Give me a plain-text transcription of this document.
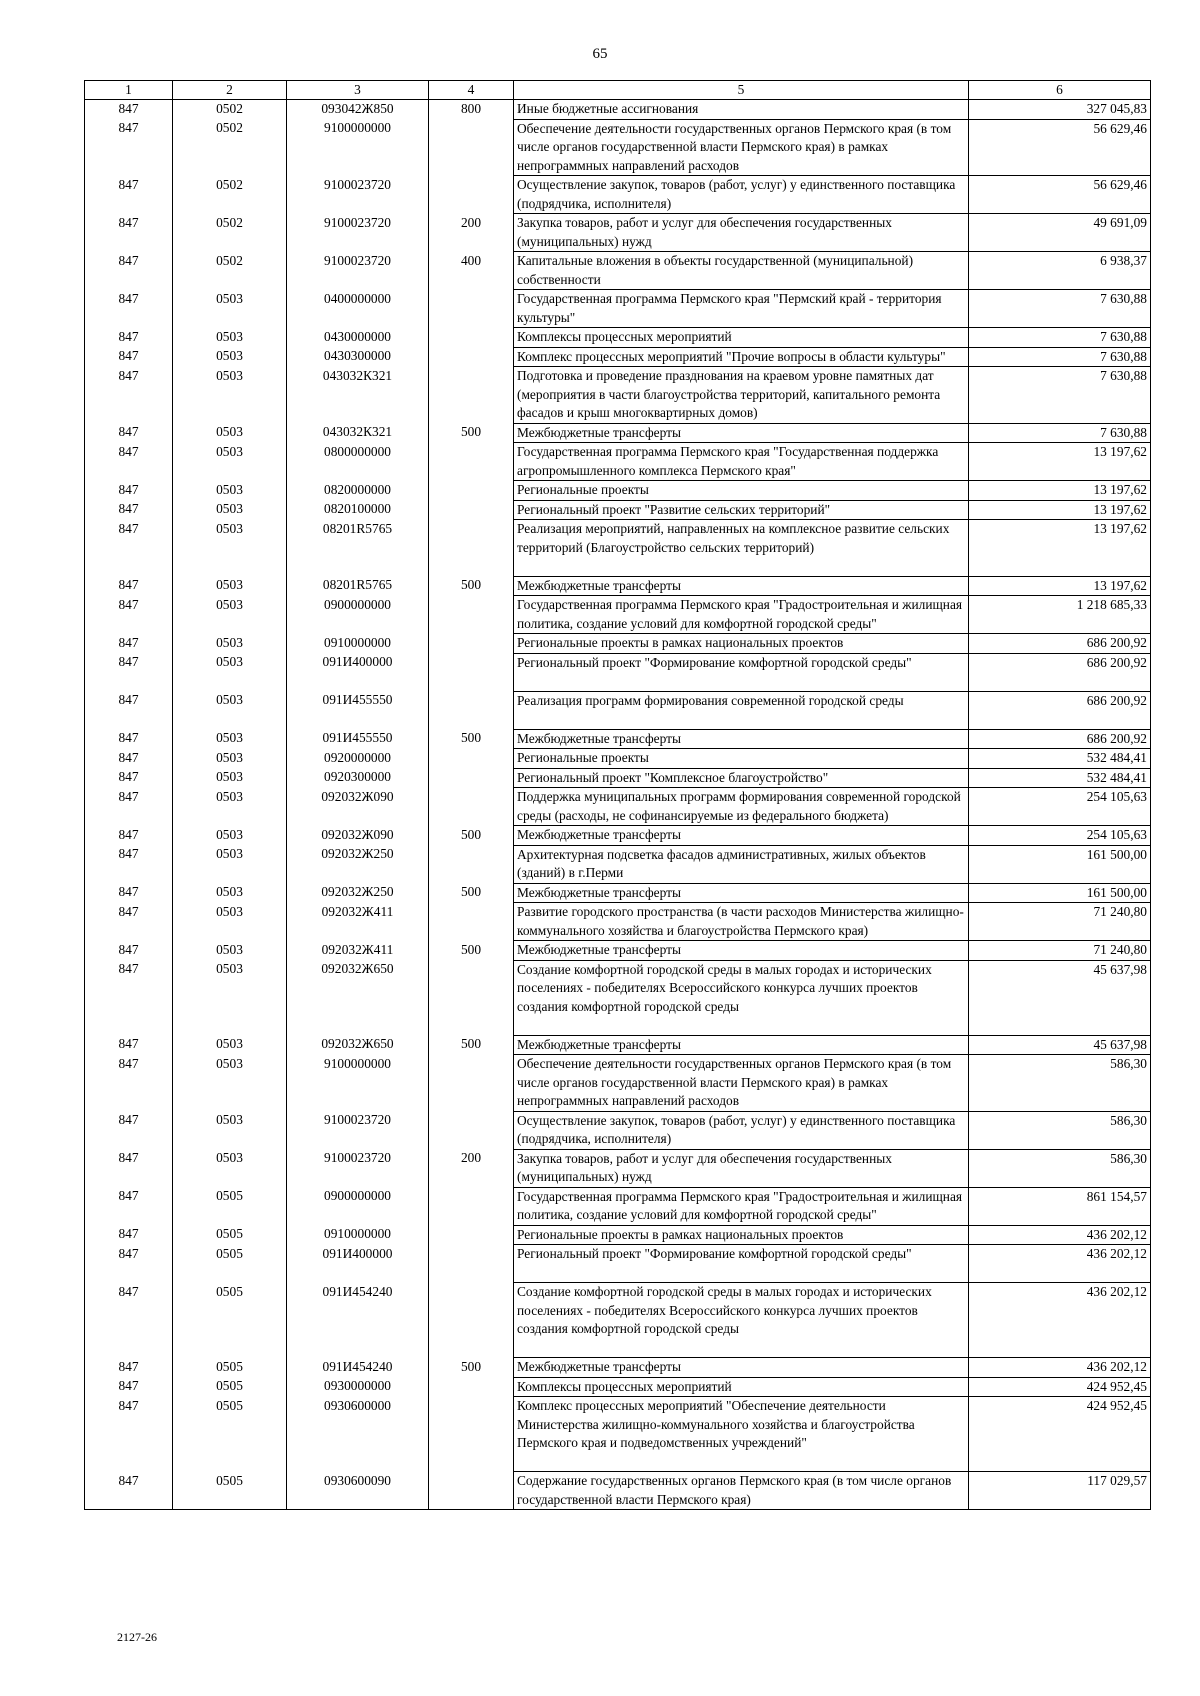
65
1	2	3	4	5	6
847	0502	093042Ж850	800	Иные бюджетные ассигнования	327 045,83
847	0502	9100000000		Обеспечение деятельности государственных органов Пермского края (в том числе органов государственной власти Пермского края) в рамках непрограммных направлений расходов	56 629,46
847	0502	9100023720		Осуществление закупок, товаров (работ, услуг) у единственного поставщика (подрядчика, исполнителя)	56 629,46
847	0502	9100023720	200	Закупка товаров, работ и услуг для обеспечения государственных (муниципальных) нужд	49 691,09
847	0502	9100023720	400	Капитальные вложения в объекты государственной (муниципальной) собственности	6 938,37
847	0503	0400000000		Государственная программа Пермского края "Пермский край - территория культуры"	7 630,88
847	0503	0430000000		Комплексы процессных мероприятий	7 630,88
847	0503	0430300000		Комплекс процессных мероприятий "Прочие вопросы в области культуры"	7 630,88
847	0503	043032К321		Подготовка и проведение празднования на краевом уровне памятных дат (мероприятия в части благоустройства территорий, капитального ремонта фасадов и крыш многоквартирных домов)	7 630,88
847	0503	043032К321	500	Межбюджетные трансферты	7 630,88
847	0503	0800000000		Государственная программа Пермского края "Государственная поддержка агропромышленного комплекса Пермского края"	13 197,62
847	0503	0820000000		Региональные проекты	13 197,62
847	0503	0820100000		Региональный проект "Развитие сельских территорий"	13 197,62
847	0503	08201R5765		Реализация мероприятий, направленных на комплексное развитие сельских территорий (Благоустройство сельских территорий)	13 197,62
847	0503	08201R5765	500	Межбюджетные трансферты	13 197,62
847	0503	0900000000		Государственная программа Пермского края "Градостроительная и жилищная политика, создание условий для комфортной городской среды"	1 218 685,33
847	0503	0910000000		Региональные проекты в рамках национальных проектов	686 200,92
847	0503	091И400000		Региональный проект "Формирование комфортной городской среды"	686 200,92
847	0503	091И455550		Реализация программ формирования современной городской среды	686 200,92
847	0503	091И455550	500	Межбюджетные трансферты	686 200,92
847	0503	0920000000		Региональные проекты	532 484,41
847	0503	0920300000		Региональный проект "Комплексное благоустройство"	532 484,41
847	0503	092032Ж090		Поддержка муниципальных программ формирования современной городской среды (расходы, не софинансируемые из федерального бюджета)	254 105,63
847	0503	092032Ж090	500	Межбюджетные трансферты	254 105,63
847	0503	092032Ж250		Архитектурная подсветка фасадов административных, жилых объектов (зданий) в г.Перми	161 500,00
847	0503	092032Ж250	500	Межбюджетные трансферты	161 500,00
847	0503	092032Ж411		Развитие городского пространства (в части расходов Министерства жилищно-коммунального хозяйства и благоустройства Пермского края)	71 240,80
847	0503	092032Ж411	500	Межбюджетные трансферты	71 240,80
847	0503	092032Ж650		Создание комфортной городской среды в малых городах и исторических поселениях - победителях Всероссийского конкурса лучших проектов создания комфортной городской среды	45 637,98
847	0503	092032Ж650	500	Межбюджетные трансферты	45 637,98
847	0503	9100000000		Обеспечение деятельности государственных органов Пермского края (в том числе органов государственной власти Пермского края) в рамках непрограммных направлений расходов	586,30
847	0503	9100023720		Осуществление закупок, товаров (работ, услуг) у единственного поставщика (подрядчика, исполнителя)	586,30
847	0503	9100023720	200	Закупка товаров, работ и услуг для обеспечения государственных (муниципальных) нужд	586,30
847	0505	0900000000		Государственная программа Пермского края "Градостроительная и жилищная политика, создание условий для комфортной городской среды"	861 154,57
847	0505	0910000000		Региональные проекты в рамках национальных проектов	436 202,12
847	0505	091И400000		Региональный проект "Формирование комфортной городской среды"	436 202,12
847	0505	091И454240		Создание комфортной городской среды в малых городах и исторических поселениях - победителях Всероссийского конкурса лучших проектов создания комфортной городской среды	436 202,12
847	0505	091И454240	500	Межбюджетные трансферты	436 202,12
847	0505	0930000000		Комплексы процессных мероприятий	424 952,45
847	0505	0930600000		Комплекс процессных мероприятий "Обеспечение деятельности Министерства жилищно-коммунального хозяйства и благоустройства Пермского края и подведомственных учреждений"	424 952,45
847	0505	0930600090		Содержание государственных органов Пермского края (в том числе органов государственной власти Пермского края)	117 029,57
2127-26
